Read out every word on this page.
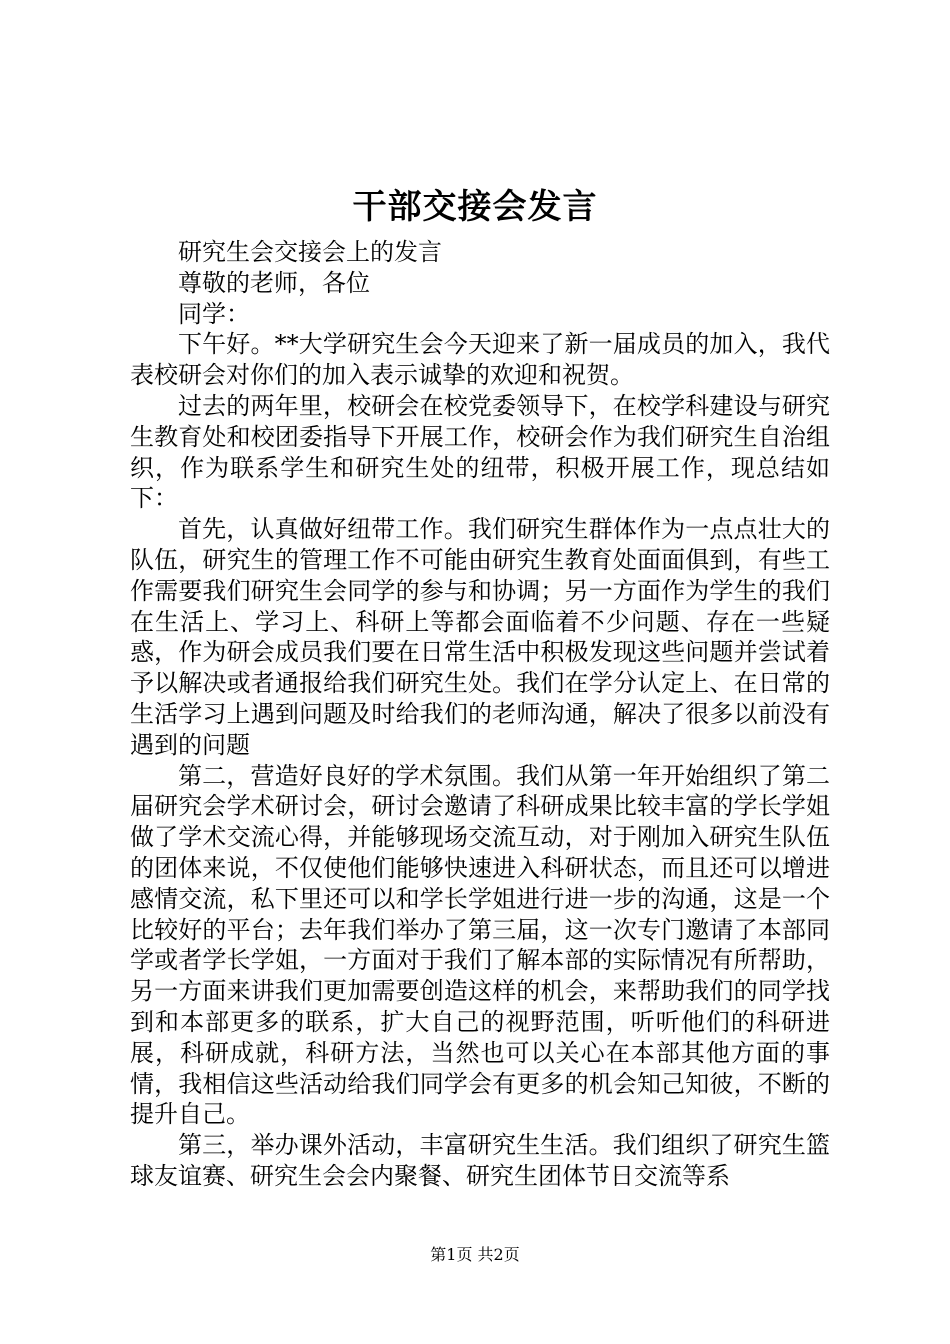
干部交接会发言

研究生会交接会上的发言

尊敬的老师，各位

同学：

下午好。**大学研究生会今天迎来了新一届成员的加入，我代表校研会对你们的加入表示诚挚的欢迎和祝贺。

过去的两年里，校研会在校党委领导下，在校学科建设与研究生教育处和校团委指导下开展工作，校研会作为我们研究生自治组织，作为联系学生和研究生处的纽带，积极开展工作，现总结如下：

首先，认真做好纽带工作。我们研究生群体作为一点点壮大的队伍，研究生的管理工作不可能由研究生教育处面面俱到，有些工作需要我们研究生会同学的参与和协调；另一方面作为学生的我们在生活上、学习上、科研上等都会面临着不少问题、存在一些疑惑，作为研会成员我们要在日常生活中积极发现这些问题并尝试着予以解决或者通报给我们研究生处。我们在学分认定上、在日常的生活学习上遇到问题及时给我们的老师沟通，解决了很多以前没有遇到的问题

第二，营造好良好的学术氛围。我们从第一年开始组织了第二届研究会学术研讨会，研讨会邀请了科研成果比较丰富的学长学姐做了学术交流心得，并能够现场交流互动，对于刚加入研究生队伍的团体来说，不仅使他们能够快速进入科研状态，而且还可以增进感情交流，私下里还可以和学长学姐进行进一步的沟通，这是一个比较好的平台；去年我们举办了第三届，这一次专门邀请了本部同学或者学长学姐，一方面对于我们了解本部的实际情况有所帮助，另一方面来讲我们更加需要创造这样的机会，来帮助我们的同学找到和本部更多的联系，扩大自己的视野范围，听听他们的科研进展，科研成就，科研方法，当然也可以关心在本部其他方面的事情，我相信这些活动给我们同学会有更多的机会知己知彼，不断的提升自己。

第三，举办课外活动，丰富研究生生活。我们组织了研究生篮球友谊赛、研究生会会内聚餐、研究生团体节日交流等系

第1页 共2页
